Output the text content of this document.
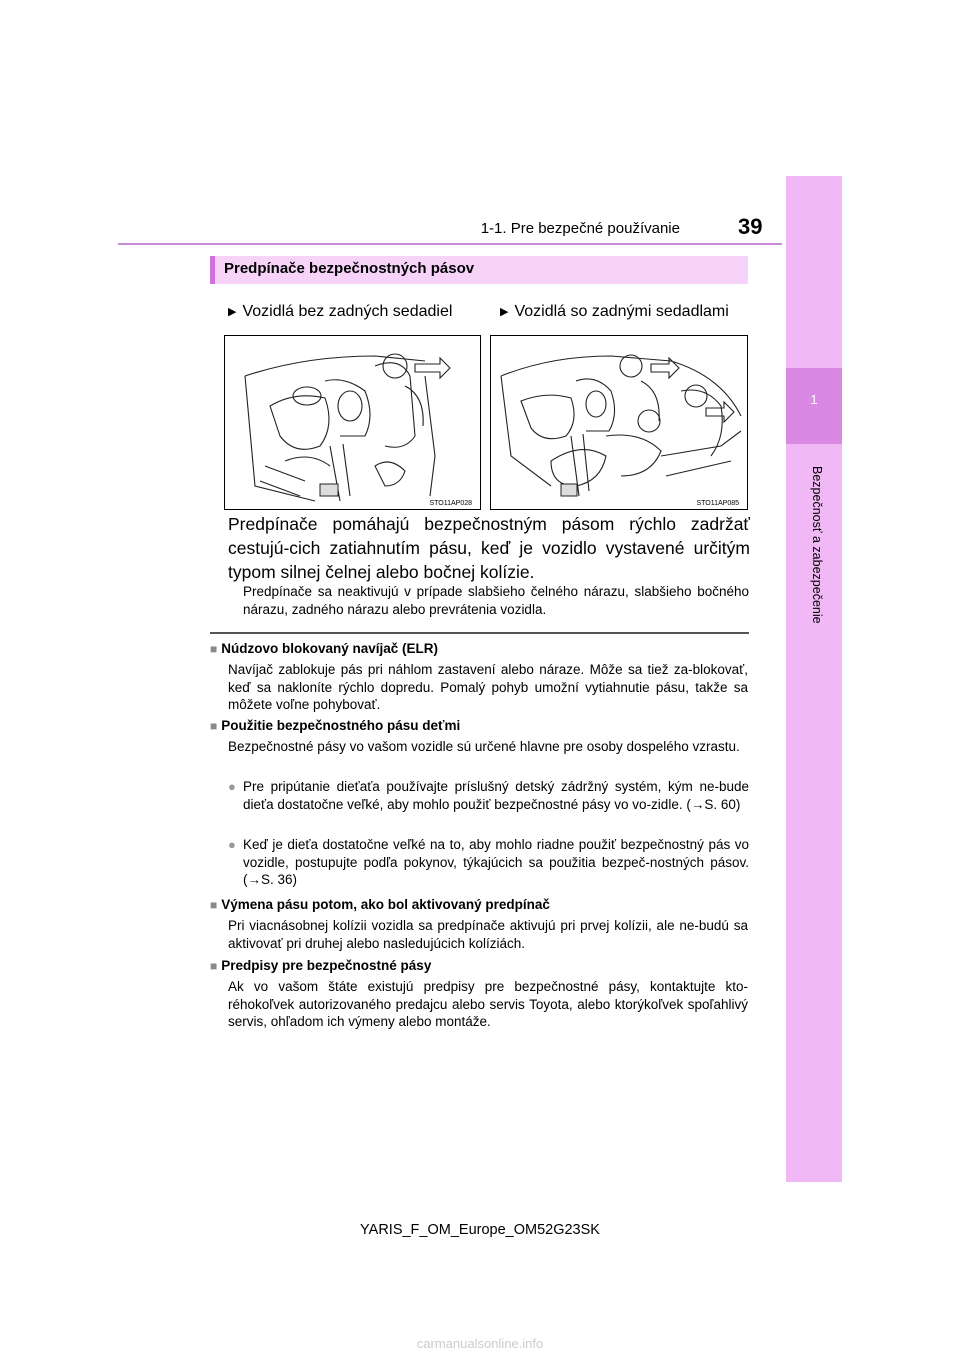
39
1-1. Pre bezpečné používanie
1
Bezpečnosť a zabezpečenie
Predpínače bezpečnostných pásov
▶ Vozidlá bez zadných sedadiel	▶ Vozidlá so zadnými sedadlami
STO11AP028	STO11AP085
Predpínače pomáhajú bezpečnostným pásom rýchlo zadržať cestujú-cich zatiahnutím pásu, keď je vozidlo vystavené určitým typom silnej čelnej alebo bočnej kolízie.
Predpínače sa neaktivujú v prípade slabšieho čelného nárazu, slabšieho bočného nárazu, zadného nárazu alebo prevrátenia vozidla.
■ Núdzovo blokovaný navíjač (ELR)
Navíjač zablokuje pás pri náhlom zastavení alebo náraze. Môže sa tiež za-blokovať, keď sa nakloníte rýchlo dopredu. Pomalý pohyb umožní vytiahnutie pásu, takže sa môžete voľne pohybovať.
■ Použitie bezpečnostného pásu deťmi
Bezpečnostné pásy vo vašom vozidle sú určené hlavne pre osoby dospelého vzrastu.
● Pre pripútanie dieťaťa používajte príslušný detský zádržný systém, kým ne-bude dieťa dostatočne veľké, aby mohlo použiť bezpečnostné pásy vo vo-zidle. (→S. 60)
● Keď je dieťa dostatočne veľké na to, aby mohlo riadne použiť bezpečnostný pás vo vozidle, postupujte podľa pokynov, týkajúcich sa použitia bezpeč-nostných pásov. (→S. 36)
■ Výmena pásu potom, ako bol aktivovaný predpínač
Pri viacnásobnej kolízii vozidla sa predpínače aktivujú pri prvej kolízii, ale ne-budú sa aktivovať pri druhej alebo nasledujúcich kolíziách.
■ Predpisy pre bezpečnostné pásy
Ak vo vašom štáte existujú predpisy pre bezpečnostné pásy, kontaktujte kto-réhokoľvek autorizovaného predajcu alebo servis Toyota, alebo ktorýkoľvek spoľahlivý servis, ohľadom ich výmeny alebo montáže.
YARIS_F_OM_Europe_OM52G23SK
carmanualsonline.info
